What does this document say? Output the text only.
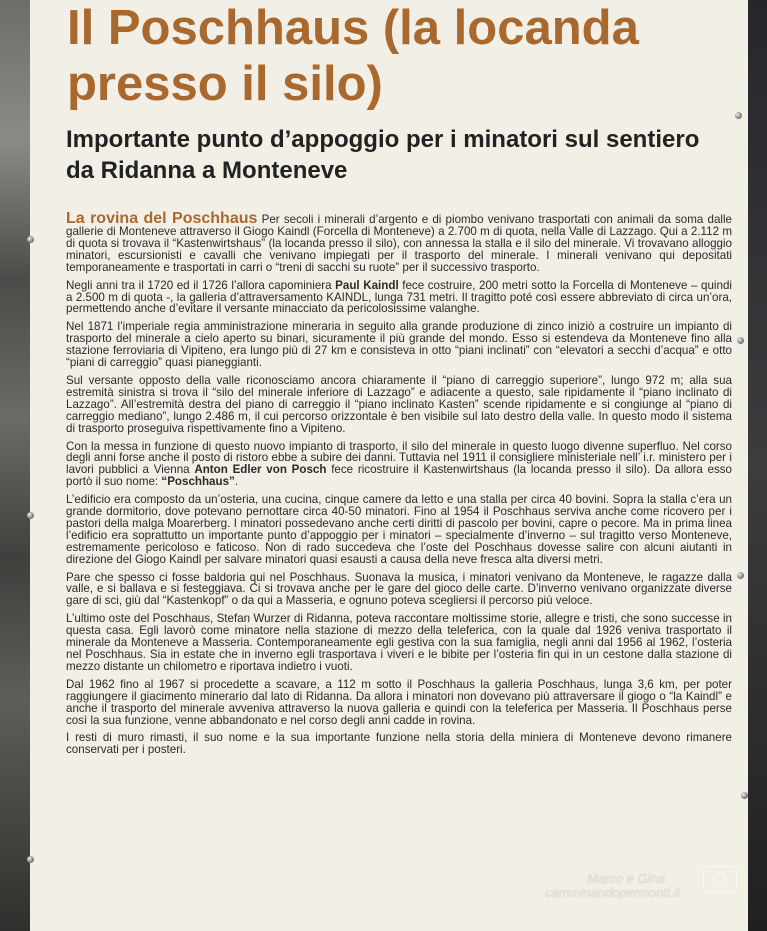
Il Poschhaus (la locanda presso il silo)
Importante punto d’appoggio per i minatori sul sentiero da Ridanna a Monteneve

La rovina del Poschhaus Per secoli i minerali d’argento e di piombo venivano trasportati con animali da soma dalle gallerie di Monteneve attraverso il Giogo Kaindl (Forcella di Monteneve) a 2.700 m di quota, nella Valle di Lazzago. Qui a 2.112 m di quota si trovava il “Kastenwirtshaus” (la locanda presso il silo), con annessa la stalla e il silo del minerale. Vi trovavano alloggio minatori, escursionisti e cavalli che venivano impiegati per il trasporto del minerale. I minerali venivano qui depositati temporaneamente e trasportati in carri o “treni di sacchi su ruote” per il successivo trasporto.

Negli anni tra il 1720 ed il 1726 l’allora capominiera Paul Kaindl fece costruire, 200 metri sotto la Forcella di Monteneve – quindi a 2.500 m di quota -, la galleria d’attraversamento KAINDL, lunga 731 metri. Il tragitto poté così essere abbreviato di circa un’ora, permettendo anche d’evitare il versante minacciato da pericolosissime valanghe.

Nel 1871 l’imperiale regia amministrazione mineraria in seguito alla grande produzione di zinco iniziò a costruire un impianto di trasporto del minerale a cielo aperto su binari, sicuramente il più grande del mondo. Esso si estendeva da Monteneve fino alla stazione ferroviaria di Vipiteno, era lungo più di 27 km e consisteva in otto “piani inclinati” con “elevatori a secchi d’acqua” e otto “piani di carreggio” quasi pianeggianti.

Sul versante opposto della valle riconosciamo ancora chiaramente il “piano di carreggio superiore”, lungo 972 m; alla sua estremità sinistra si trova il “silo del minerale inferiore di Lazzago” e adiacente a questo, sale ripidamente il “piano inclinato di Lazzago”. All’estremità destra del piano di carreggio il “piano inclinato Kasten” scende ripidamente e si congiunge al “piano di carreggio mediano”, lungo 2.486 m, il cui percorso orizzontale è ben visibile sul lato destro della valle. In questo modo il sistema di trasporto proseguiva rispettivamente fino a Vipiteno.

Con la messa in funzione di questo nuovo impianto di trasporto, il silo del minerale in questo luogo divenne superfluo. Nel corso degli anni forse anche il posto di ristoro ebbe a subire dei danni. Tuttavia nel 1911 il consigliere ministeriale nell’ i.r. ministero per i lavori pubblici a Vienna Anton Edler von Posch fece ricostruire il Kastenwirtshaus (la locanda presso il silo). Da allora esso portò il suo nome: “Poschhaus”.

L’edificio era composto da un’osteria, una cucina, cinque camere da letto e una stalla per circa 40 bovini. Sopra la stalla c’era un grande dormitorio, dove potevano pernottare circa 40-50 minatori. Fino al 1954 il Poschhaus serviva anche come ricovero per i pastori della malga Moarerberg. I minatori possedevano anche certi diritti di pascolo per bovini, capre o pecore. Ma in prima linea l’edificio era soprattutto un importante punto d’appoggio per i minatori – specialmente d’inverno – sul tragitto verso Monteneve, estremamente pericoloso e faticoso. Non di rado succedeva che l’oste del Poschhaus dovesse salire con alcuni aiutanti in direzione del Giogo Kaindl per salvare minatori quasi esausti a causa della neve fresca alta diversi metri.

Pare che spesso ci fosse baldoria qui nel Poschhaus. Suonava la musica, i minatori venivano da Monteneve, le ragazze dalla valle, e si ballava e si festeggiava. Ci si trovava anche per le gare del gioco delle carte. D’inverno venivano organizzate diverse gare di sci, giù dal “Kastenkopf” o da qui a Masseria, e ognuno poteva scegliersi il percorso più veloce.

L’ultimo oste del Poschhaus, Stefan Wurzer di Ridanna, poteva raccontare moltissime storie, allegre e tristi, che sono successe in questa casa. Egli lavorò come minatore nella stazione di mezzo della teleferica, con la quale dal 1926 veniva trasportato il minerale da Monteneve a Masseria. Contemporaneamente egli gestiva con la sua famiglia, negli anni dal 1956 al 1962, l’osteria nel Poschhaus. Sia in estate che in inverno egli trasportava i viveri e le bibite per l’osteria fin qui in un cestone dalla stazione di mezzo distante un chilometro e riportava indietro i vuoti.

Dal 1962 fino al 1967 si procedette a scavare, a 112 m sotto il Poschhaus la galleria Poschhaus, lunga 3,6 km, per poter raggiungere il giacimento minerario dal lato di Ridanna. Da allora i minatori non dovevano più attraversare il giogo o “la Kaindl” e anche il trasporto del minerale avveniva attraverso la nuova galleria e quindi con la teleferica per Masseria. Il Poschhaus perse così la sua funzione, venne abbandonato e nel corso degli anni cadde in rovina.

I resti di muro rimasti, il suo nome e la sua importante funzione nella storia della miniera di Monteneve devono rimanere conservati per i posteri.

Marco e Gina
camminandopermonti.it
